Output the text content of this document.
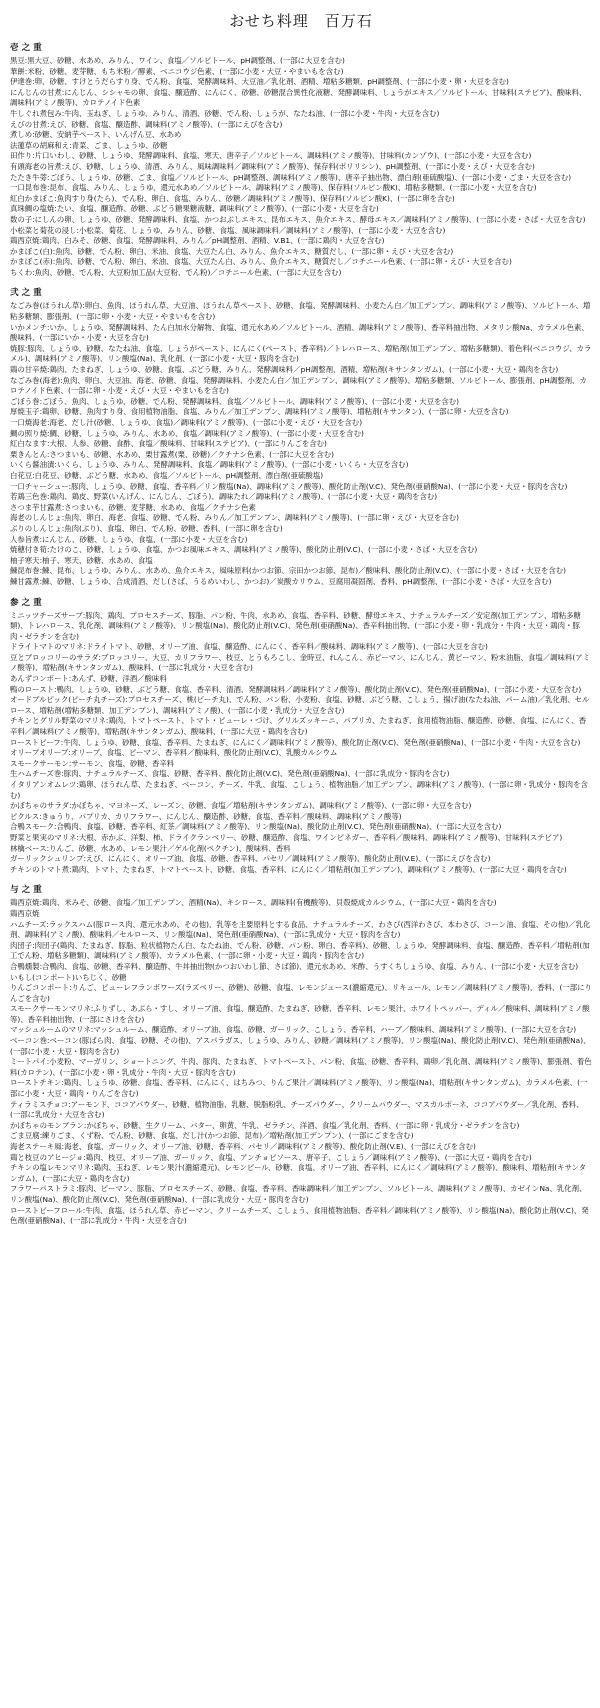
おせち料理　百万石
壱 之 重

黒豆:黒大豆、砂糖、水あめ、みりん、ワイン、食塩／ソルビトール、pH調整剤、(一部に大豆を含む)

華餅:米粉、砂糖、麦芽糖、もち米粉／酵素、ベニコウジ色素、(一部に小麦・大豆・やまいもを含む)

伊達巻:卵、砂糖、すけとうだらすり身、でん粉、食塩、発酵調味料、大豆油／乳化剤、酒精、増粘多糖類、pH調整剤、(一部に小麦・卵・大豆を含む)

にんじんの甘煮:にんじん、シシャモの卵、食塩、醸造酢、にんにく、砂糖、砂糖混合異性化液糖、発酵調味料、しょうがエキス／ソルビトール、甘味料(ステビア)、酸味料、調味料(アミノ酸等)、カロテノイド色素

牛しぐれ煮包み:牛肉、玉ねぎ、しょうゆ、みりん、清酒、砂糖、でん粉、しょうが、なたね油、(一部に小麦・牛肉・大豆を含む)

えびの甘煮:えび、砂糖、食塩、醸造酢、調味料(アミノ酸等)、(一部にえびを含む)

煮しめ:砂糖、安納芋ペースト、いんげん豆、水あめ

法蓮草の胡麻和え:青菜、ごま、しょうゆ、砂糖

田作り:片口いわし、砂糖、しょうゆ、発酵調味料、食塩、寒天、唐辛子／ソルビトール、調味料(アミノ酸等)、甘味料(カンゾウ)、(一部に小麦・大豆を含む)

有頭海老の旨煮:えび、砂糖、しょうゆ、清酒、みりん、風味調味料／調味料(アミノ酸等)、保存料(ポリリシン)、pH調整剤、(一部に小麦・えび・大豆を含む)

たたき牛蒡:ごぼう、しょうゆ、砂糖、ごま、食塩／ソルビトール、pH調整剤、調味料(アミノ酸等)、唐辛子抽出物、漂白剤(亜硫酸塩)、(一部に小麦・ごま・大豆を含む)

一口昆布巻:昆布、食塩、みりん、しょうゆ、還元水あめ／ソルビトール、調味料(アミノ酸等)、保存料(ソルビン酸K)、増粘多糖類、(一部に小麦・大豆を含む)

紅白かまぼこ:魚肉すり身(たら)、でん粉、卵白、食塩、みりん、砂糖／調味料(アミノ酸等)、保存料(ソルビン酸K)、(一部に卵を含む)

真珠鯛の塩焼:たい、食塩、醸造酢、砂糖、ぶどう糖果糖液糖、調味料(アミノ酸等)、(一部に小麦・大豆を含む)

数の子:にしんの卵、しょうゆ、砂糖、発酵調味料、食塩、かつおぶしエキス、昆布エキス、魚介エキス、酵母エキス／調味料(アミノ酸等)、(一部に小麦・さば・大豆を含む)

小松菜と菊花の浸し:小松菜、菊花、しょうゆ、みりん、砂糖、食塩、風味調味料／調味料(アミノ酸等)、(一部に小麦・大豆を含む)

鶏西京焼:鶏肉、白みそ、砂糖、食塩、発酵調味料、みりん／pH調整剤、酒精、V.B1、(一部に鶏肉・大豆を含む)

かまぼこ(白):魚肉、砂糖、でん粉、卵白、米油、食塩、大豆たん白、みりん、魚介エキス、糖質だし、(一部に卵・えび・大豆を含む)

かまぼこ(赤):魚肉、砂糖、でん粉、卵白、米油、食塩、大豆たん白、みりん、魚介エキス、糖質だし／コチニール色素、(一部に卵・えび・大豆を含む)

ちくわ:魚肉、砂糖、でん粉、大豆粉加工品(大豆粉、でん粉)／コチニール色素、(一部に大豆を含む)

弐 之 重

なごみ巻(ほうれん草):卵白、魚肉、ほうれん草、大豆油、ほうれん草ペースト、砂糖、食塩、発酵調味料、小麦たん白／加工デンプン、調味料(アミノ酸等)、ソルビトール、増粘多糖類、膨張剤、(一部に卵・小麦・大豆・やまいもを含む)

いかメンチ:いか、しょうゆ、発酵調味料、たん白加水分解物、食塩、還元水あめ／ソルビトール、酒精、調味料(アミノ酸等)、香辛料抽出物、メタリン酸Na、カラメル色素、酸味料、(一部にいか・小麦・大豆を含む)

焼豚:豚肉、しょうゆ、砂糖、なたね油、食塩、しょうがペースト、にんにく(ペースト、香辛料)／トレハロース、増粘剤(加工デンプン、増粘多糖類)、着色料(ベニコウジ、カラメル)、調味料(アミノ酸等)、リン酸塩(Na)、乳化剤、(一部に小麦・大豆・豚肉を含む)

鶏の甘辛焼:鶏肉、たまねぎ、しょうゆ、砂糖、食塩、ぶどう糖、みりん、発酵調味料／pH調整剤、酒精、増粘剤(キサンタンガム)、(一部に小麦・大豆・鶏肉を含む)

なごみ巻(海老):魚肉、卵白、大豆油、海老、砂糖、食塩、発酵調味料、小麦たん白／加工デンプン、調味料(アミノ酸等)、増粘多糖類、ソルビトール、膨張剤、pH調整剤、カロテノイド色素、(一部に卵・小麦・えび・大豆・やまいもを含む)

ごぼう巻:ごぼう、魚肉、しょうゆ、砂糖、でん粉、発酵調味料、食塩／ソルビトール、調味料(アミノ酸等)、(一部に小麦・大豆を含む)

厚焼玉子:鶏卵、砂糖、魚肉すり身、食用植物油脂、食塩、みりん／加工デンプン、調味料(アミノ酸等)、増粘剤(キサンタン)、(一部に卵・大豆を含む)

一口焼海老:海老、だし汁(砂糖、しょうゆ、食塩)／調味料(アミノ酸等)、(一部に小麦・えび・大豆を含む)

鯛の照り焼:鯛、砂糖、しょうゆ、みりん、水あめ、食塩／調味料(アミノ酸等)、(一部に小麦・大豆を含む)

紅白なます:大根、人参、砂糖、食酢、食塩／酸味料、甘味料(ステビア)、(一部にりんごを含む)

栗きんとん:さつまいも、砂糖、水あめ、栗甘露煮(栗、砂糖)／クチナシ色素、(一部に大豆を含む)

いくら醤油漬:いくら、しょうゆ、みりん、発酵調味料、食塩／調味料(アミノ酸等)、(一部に小麦・いくら・大豆を含む)

白花豆:白花豆、砂糖、ぶどう糖、水あめ、食塩／ソルビトール、pH調整剤、漂白剤(亜硫酸塩)

一口チャーシュー:豚肉、しょうゆ、砂糖、食塩、香辛料／リン酸塩(Na)、調味料(アミノ酸等)、酸化防止剤(V.C)、発色剤(亜硝酸Na)、(一部に小麦・大豆・豚肉を含む)

若鶏三色巻:鶏肉、鶏皮、野菜(いんげん、にんじん、ごぼう)、調味たれ／調味料(アミノ酸等)、(一部に小麦・大豆・鶏肉を含む)

さつま芋甘露煮:さつまいも、砂糖、麦芽糖、水あめ、食塩／クチナシ色素

海老のしんじょ:魚肉、卵白、海老、食塩、砂糖、でん粉、みりん／加工デンプン、調味料(アミノ酸等)、(一部に卵・えび・大豆を含む)

ぶりのしんじょ:魚肉(ぶり)、食塩、卵白、でん粉、砂糖、香料、(一部に卵を含む)

人参旨煮:にんじん、砂糖、しょうゆ、食塩、(一部に小麦・大豆を含む)

焼穂付き筍:たけのこ、砂糖、しょうゆ、食塩、かつお風味エキス、調味料(アミノ酸等)、酸化防止剤(V.C)、(一部に小麦・さば・大豆を含む)

柚子寒天:柚子、寒天、砂糖、水あめ、食塩

鰊昆布巻:鰊、昆布、しょうゆ、みりん、水あめ、魚介エキス、風味原料(かつお節、宗田かつお節、昆布)／酸味料、酸化防止剤(V.C)、(一部に小麦・さば・大豆を含む)

鰊甘露煮:鰊、砂糖、しょうゆ、合成清酒、だし(さば、うるめいわし、かつお)／炭酸カリウム、豆腐用凝固剤、香料、pH調整剤、(一部に小麦・さば・大豆を含む)

参 之 重

ミニッツチーズサーブ:豚肉、鶏肉、プロセスチーズ、豚脂、パン粉、牛肉、水あめ、食塩、香辛料、砂糖、酵母エキス、ナチュラルチーズ／安定剤(加工デンプン、増粘多糖類)、トレハロース、乳化剤、調味料(アミノ酸等)、リン酸塩(Na)、酸化防止剤(V.C)、発色剤(亜硝酸Na)、香辛料抽出物、(一部に小麦・卵・乳成分・牛肉・大豆・鶏肉・豚肉・ゼラチンを含む)

ドライトマトのマリネ:ドライトマト、砂糖、オリーブ油、食塩、醸造酢、にんにく、香辛料／酸味料、調味料(アミノ酸等)、(一部に大豆を含む)

豆とブロッコリーのサラダ:ブロッコリー、大豆、カリフラワー、枝豆、とうもろこし、金時豆、れんこん、赤ピーマン、にんじん、黄ピーマン、粉末油脂、食塩／調味料(アミノ酸等)、増粘剤(キサンタンガム)、酸味料、(一部に乳成分・大豆を含む)

あんずコンポート:あんず、砂糖、洋酒／酸味料

鴨のロースト:鴨肉、しょうゆ、砂糖、ぶどう糖、食塩、香辛料、清酒、発酵調味料／調味料(アミノ酸等)、酸化防止剤(V.C)、発色剤(亜硝酸Na)、(一部に小麦・大豆を含む)

オードブルピック(ピーチ丸チーズ):プロセスチーズ、桃(ピーチ丸)、でん粉、パン粉、小麦粉、食塩、砂糖、ぶどう糖、こしょう、揚げ油(なたね油、パーム油)／乳化剤、セルロース、増粘剤(増粘多糖類、加工デンプン)、調味料(アミノ酸)、(一部に小麦・乳成分・大豆を含む)

チキンとグリル野菜のマリネ:鶏肉、トマトペースト、トマト・ピューレ・づけ、グリルズッキーニ、パプリカ、たまねぎ、食用植物油脂、醸造酢、砂糖、食塩、にんにく、香辛料／調味料(アミノ酸等)、増粘剤(キサンタンガム)、酸味料、(一部に大豆・鶏肉を含む)

ローストビーフ:牛肉、しょうゆ、砂糖、食塩、香辛料、たまねぎ、にんにく／調味料(アミノ酸等)、酸化防止剤(V.C)、発色剤(亜硝酸Na)、(一部に小麦・牛肉・大豆を含む)

オリーブオリーブ:オリーブ、食塩、ピーマン、香辛料／酸味料、酸化防止剤(V.C)、乳酸カルシウム

スモークサーモン:サーモン、食塩、砂糖、香辛料

生ハムチーズ巻:豚肉、ナチュラルチーズ、食塩、砂糖、香辛料、酸化防止剤(V.C)、発色剤(亜硝酸Na)、(一部に乳成分・豚肉を含む)

イタリアンオムレツ:鶏卵、ほうれん草、たまねぎ、ベーコン、チーズ、牛乳、食塩、こしょう、植物油脂／加工デンプン、調味料(アミノ酸等)、(一部に卵・乳成分・豚肉を含む)

かぼちゃのサラダ:かぼちゃ、マヨネーズ、レーズン、砂糖、食塩／増粘剤(キサンタンガム)、調味料(アミノ酸等)、(一部に卵・大豆を含む)

ピクルス:きゅうり、パプリカ、カリフラワー、にんじん、醸造酢、砂糖、食塩、香辛料／酸味料、調味料(アミノ酸等)

合鴨スモーク:合鴨肉、食塩、砂糖、香辛料、紅茶／調味料(アミノ酸等)、リン酸塩(Na)、酸化防止剤(V.C)、発色剤(亜硝酸Na)、(一部に大豆を含む)

野菜と果実のマリネ:大根、赤かぶ、洋梨、柿、ドライクランベリー、砂糖、醸造酢、食塩、ワインビネガー、香辛料／酸味料、調味料(アミノ酸等)、甘味料(ステビア)

林檎ベース:りんご、砂糖、水あめ、レモン果汁／ゲル化剤(ペクチン)、酸味料、香料

ガーリックシュリンプ:えび、にんにく、オリーブ油、食塩、砂糖、香辛料、パセリ／調味料(アミノ酸等)、酸化防止剤(V.E)、(一部にえびを含む)

チキンのトマト煮:鶏肉、トマト、たまねぎ、トマトペースト、砂糖、食塩、香辛料、にんにく／増粘剤(加工デンプン)、調味料(アミノ酸等)、(一部に大豆・鶏肉を含む)

与 之 重

鶏西京焼:鶏肉、米みそ、砂糖、食塩／加工デンプン、酒精(Na)、キシロース、調味料(有機酸等)、貝殻焼成カルシウム、(一部に大豆・鶏肉を含む)

鶏西京焼

ハムチーズ:ラックスハム(豚ロース肉、還元水あめ、その他)、乳等を主要原料とする食品、ナチュラルチーズ、わさび(西洋わさび、本わさび、コーン油、食塩、その他)／乳化剤、調味料(アミノ酸)、酸味料／セルロース、リン酸塩(Na)、発色剤(亜硝酸Na)、(一部に乳成分・大豆・豚肉を含む)

肉団子:肉団子(鶏肉、たまねぎ、豚脂、粒状植物たん白、なたね油、でん粉、砂糖、パン粉、卵白、香辛料)、砂糖、しょうゆ、発酵調味料、食塩、醸造酢、香辛料／増粘剤(加工でん粉、増粘多糖類)、調味料(アミノ酸等)、カラメル色素、(一部に卵・小麦・大豆・鶏肉・豚肉を含む)

合鴨燻製:合鴨肉、食塩、砂糖、香辛料、醸造酢、牛丼抽出物(かつおいわし節、さば節)、還元水あめ、米酢、うすくちしょうゆ、食塩、みりん、(一部に小麦・大豆を含む)

いもし(コンポート)いちじく、砂糖

りんごコンポート:りんご、ピューレフランボワーズ(ラズベリー、砂糖)、砂糖、食塩、レモンジュース(濃縮還元)、リキュール、レモン／調味料(アミノ酸等)、香料、(一部にりんごを含む)

スモークサーモンマリネ:ふりずし、あぶら・すし、オリーブ油、食塩、醸造酢、たまねぎ、砂糖、香辛料、レモン果汁、ホワイトペッパー、ディル／酸味料、調味料(アミノ酸等)、香辛料抽出物、(一部にさけを含む)

マッシュルームのマリネ:マッシュルーム、醸造酢、オリーブ油、食塩、砂糖、ガーリック、こしょう、香辛料、ハーブ／酸味料、調味料(アミノ酸等)、(一部に大豆を含む)

ベーコン巻:ベーコン(豚ばら肉、食塩、砂糖、その他)、アスパラガス、しょうゆ、みりん、砂糖／調味料(アミノ酸等)、リン酸塩(Na)、酸化防止剤(V.C)、発色剤(亜硝酸Na)、(一部に小麦・大豆・豚肉を含む)

ミートパイ:小麦粉、マーガリン、ショートニング、牛肉、豚肉、たまねぎ、トマトペースト、パン粉、食塩、砂糖、香辛料、鶏卵／乳化剤、調味料(アミノ酸等)、膨張剤、着色料(カロテン)、(一部に小麦・卵・乳成分・牛肉・大豆・豚肉を含む)

ローストチキン:鶏肉、しょうゆ、砂糖、食塩、香辛料、にんにく、はちみつ、りんご果汁／調味料(アミノ酸等)、リン酸塩(Na)、増粘剤(キサンタンガム)、カラメル色素、(一部に小麦・大豆・鶏肉・りんごを含む)

ティラミスチョコ:アーモンド、ココアパウダー、砂糖、植物油脂、乳糖、脱脂粉乳、チーズパウダー、クリームパウダー、マスカルポーネ、ココアパウダー／乳化剤、香料、(一部に乳成分・大豆を含む)

かぼちゃのモンブラン:かぼちゃ、砂糖、生クリーム、バター、卵黄、牛乳、ゼラチン、洋酒、食塩／乳化剤、香料、(一部に卵・乳成分・ゼラチンを含む)

ごま豆腐:練りごま、くず粉、でん粉、砂糖、食塩、だし汁(かつお節、昆布)／増粘剤(加工デンプン)、(一部にごまを含む)

海老ステーキ風:海老、食塩、ガーリック、オリーブ油、砂糖、香辛料、パセリ／調味料(アミノ酸等)、酸化防止剤(V.E)、(一部にえびを含む)

鶏と枝豆のアヒージョ:鶏肉、枝豆、オリーブ油、ガーリック、食塩、アンチョビソース、唐辛子、こしょう／調味料(アミノ酸等)、(一部に大豆・鶏肉を含む)

チキンの塩レモンマリネ:鶏肉、玉ねぎ、レモン果汁(濃縮還元)、レモンピール、砂糖、食塩、オリーブ油、香辛料、にんにく／調味料(アミノ酸等)、酸味料、増粘剤(キサンタンガム)、(一部に大豆・鶏肉を含む)

フラワーパストラミ:豚肉、ピーマン、豚脂、プロセスチーズ、砂糖、食塩、香辛料、香味調味料／加工デンプン、ソルビトール、調味料(アミノ酸等)、カゼインNa、乳化剤、リン酸塩(Na)、酸化防止剤(V.C)、発色剤(亜硝酸Na)、(一部に乳成分・大豆・豚肉を含む)

ローストビーフロール:牛肉、食塩、ほうれん草、赤ピーマン、クリームチーズ、こしょう、食用植物油脂、香辛料／調味料(アミノ酸等)、リン酸塩(Na)、酸化防止剤(V.C)、発色剤(亜硝酸Na)、(一部に乳成分・牛肉・大豆を含む)
